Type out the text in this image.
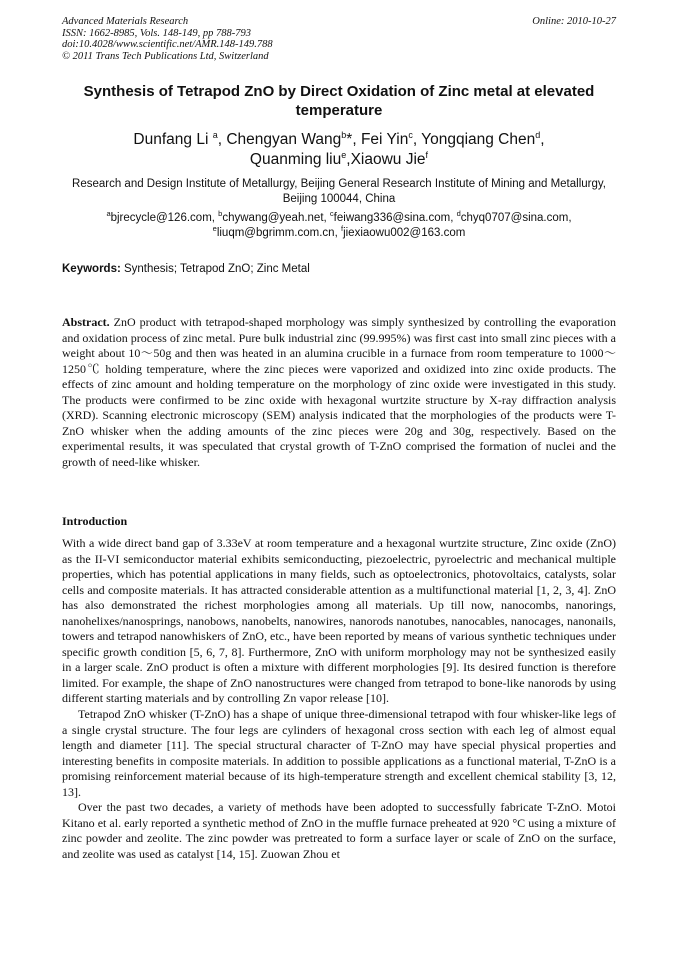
Advanced Materials Research
ISSN: 1662-8985, Vols. 148-149, pp 788-793
doi:10.4028/www.scientific.net/AMR.148-149.788
© 2011 Trans Tech Publications Ltd, Switzerland
Online: 2010-10-27
Synthesis of Tetrapod ZnO by Direct Oxidation of Zinc metal at elevated temperature
Dunfang Li $^a$, Chengyan Wang$^b$*, Fei Yin$^c$, Yongqiang Chen$^d$,
Quanming liu$^e$,Xiaowu Jie$^f$
Research and Design Institute of Metallurgy, Beijing General Research Institute of Mining and Metallurgy, Beijing 100044, China
$^a$bjrecycle@126.com, $^b$chywang@yeah.net, $^c$feiwang336@sina.com, $^d$chyq0707@sina.com,
$^e$liuqm@bgrimm.com.cn, $^f$jiexiaowu002@163.com
Keywords: Synthesis; Tetrapod ZnO; Zinc Metal

Abstract. ZnO product with tetrapod-shaped morphology was simply synthesized by controlling the evaporation and oxidation process of zinc metal. Pure bulk industrial zinc (99.995%) was first cast into small zinc pieces with a weight about 10～50g and then was heated in an alumina crucible in a furnace from room temperature to 1000～1250℃ holding temperature, where the zinc pieces were vaporized and oxidized into zinc oxide products. The effects of zinc amount and holding temperature on the morphology of zinc oxide were investigated in this study. The products were confirmed to be zinc oxide with hexagonal wurtzite structure by X-ray diffraction analysis (XRD). Scanning electronic microscopy (SEM) analysis indicated that the morphologies of the products were T-ZnO whisker when the adding amounts of the zinc pieces were 20g and 30g, respectively. Based on the experimental results, it was speculated that crystal growth of T-ZnO comprised the formation of nuclei and the growth of need-like whisker.

Introduction

With a wide direct band gap of 3.33eV at room temperature and a hexagonal wurtzite structure, Zinc oxide (ZnO) as the II-VI semiconductor material exhibits semiconducting, piezoelectric, pyroelectric and mechanical multiple properties, which has potential applications in many fields, such as optoelectronics, photovoltaics, catalysts, solar cells and composite materials. It has attracted considerable attention as a multifunctional material [1, 2, 3, 4]. ZnO has also demonstrated the richest morphologies among all materials. Up till now, nanocombs, nanorings, nanohelixes/nanosprings, nanobows, nanobelts, nanowires, nanorods nanotubes, nanocables, nanocages, nanonails, towers and tetrapod nanowhiskers of ZnO, etc., have been reported by means of various synthetic techniques under specific growth condition [5, 6, 7, 8]. Furthermore, ZnO with uniform morphology may not be synthesized easily in a larger scale. ZnO product is often a mixture with different morphologies [9]. Its desired function is therefore limited. For example, the shape of ZnO nanostructures were changed from tetrapod to bone-like nanorods by using different starting materials and by controlling Zn vapor release [10].

Tetrapod ZnO whisker (T-ZnO) has a shape of unique three-dimensional tetrapod with four whisker-like legs of a single crystal structure. The four legs are cylinders of hexagonal cross section with each leg of almost equal length and diameter [11]. The special structural character of T-ZnO may have special physical properties and interesting benefits in composite materials. In addition to possible applications as a functional material, T-ZnO is a promising reinforcement material because of its high-temperature strength and excellent chemical stability [3, 12, 13].

Over the past two decades, a variety of methods have been adopted to successfully fabricate T-ZnO. Motoi Kitano et al. early reported a synthetic method of ZnO in the muffle furnace preheated at 920 °C using a mixture of zinc powder and zeolite. The zinc powder was pretreated to form a surface layer or scale of ZnO on the surface, and zeolite was used as catalyst [14, 15]. Zuowan Zhou et
